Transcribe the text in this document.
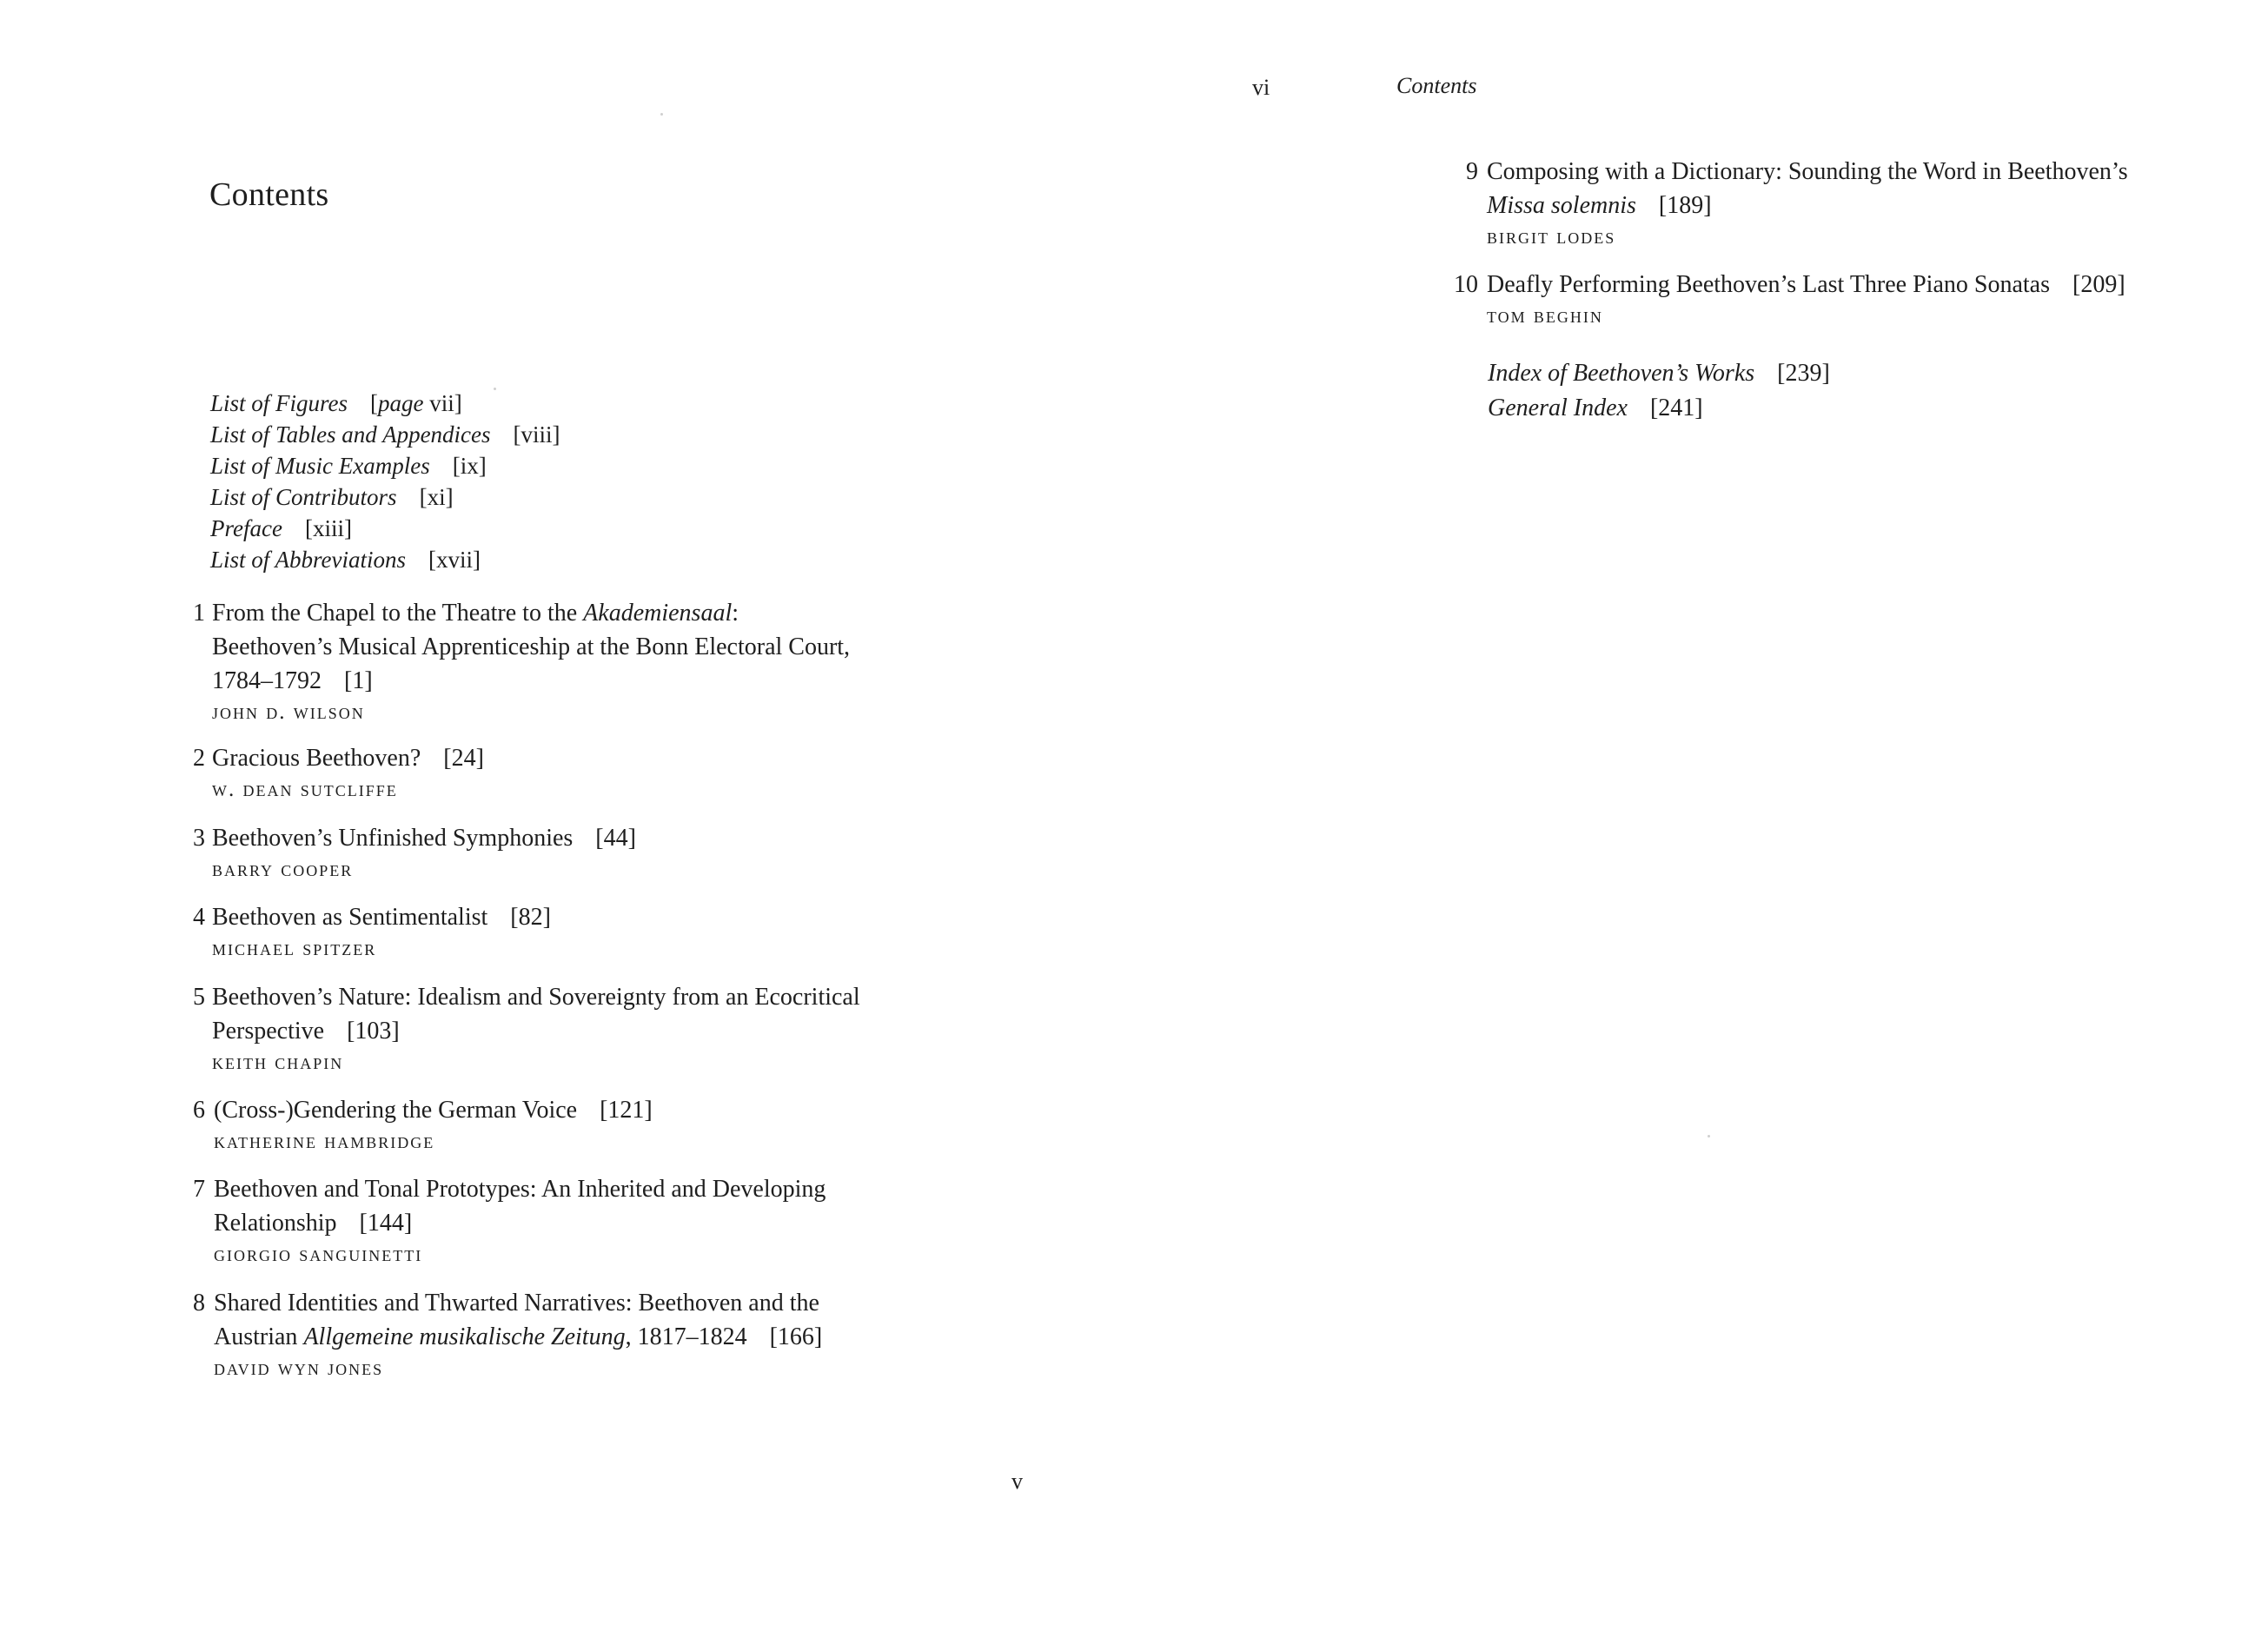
Contents
List of Figures [page vii]
List of Tables and Appendices [viii]
List of Music Examples [ix]
List of Contributors [xi]
Preface [xiii]
List of Abbreviations [xvii]
1 From the Chapel to the Theatre to the Akademiensaal:
Beethoven’s Musical Apprenticeship at the Bonn Electoral Court,
1784–1792 [1]
john d. wilson
2 Gracious Beethoven? [24]
w. dean sutcliffe
3 Beethoven’s Unfinished Symphonies [44]
barry cooper
4 Beethoven as Sentimentalist [82]
michael spitzer
5 Beethoven’s Nature: Idealism and Sovereignty from an Ecocritical
Perspective [103]
keith chapin
6 (Cross-)Gendering the German Voice [121]
katherine hambridge
7 Beethoven and Tonal Prototypes: An Inherited and Developing
Relationship [144]
giorgio sanguinetti
8 Shared Identities and Thwarted Narratives: Beethoven and the
Austrian Allgemeine musikalische Zeitung, 1817–1824 [166]
david wyn jones
v
vi	Contents
9 Composing with a Dictionary: Sounding the Word in Beethoven’s
Missa solemnis [189]
birgit lodes
10 Deafly Performing Beethoven’s Last Three Piano Sonatas [209]
tom beghin
Index of Beethoven’s Works [239]
General Index [241]
